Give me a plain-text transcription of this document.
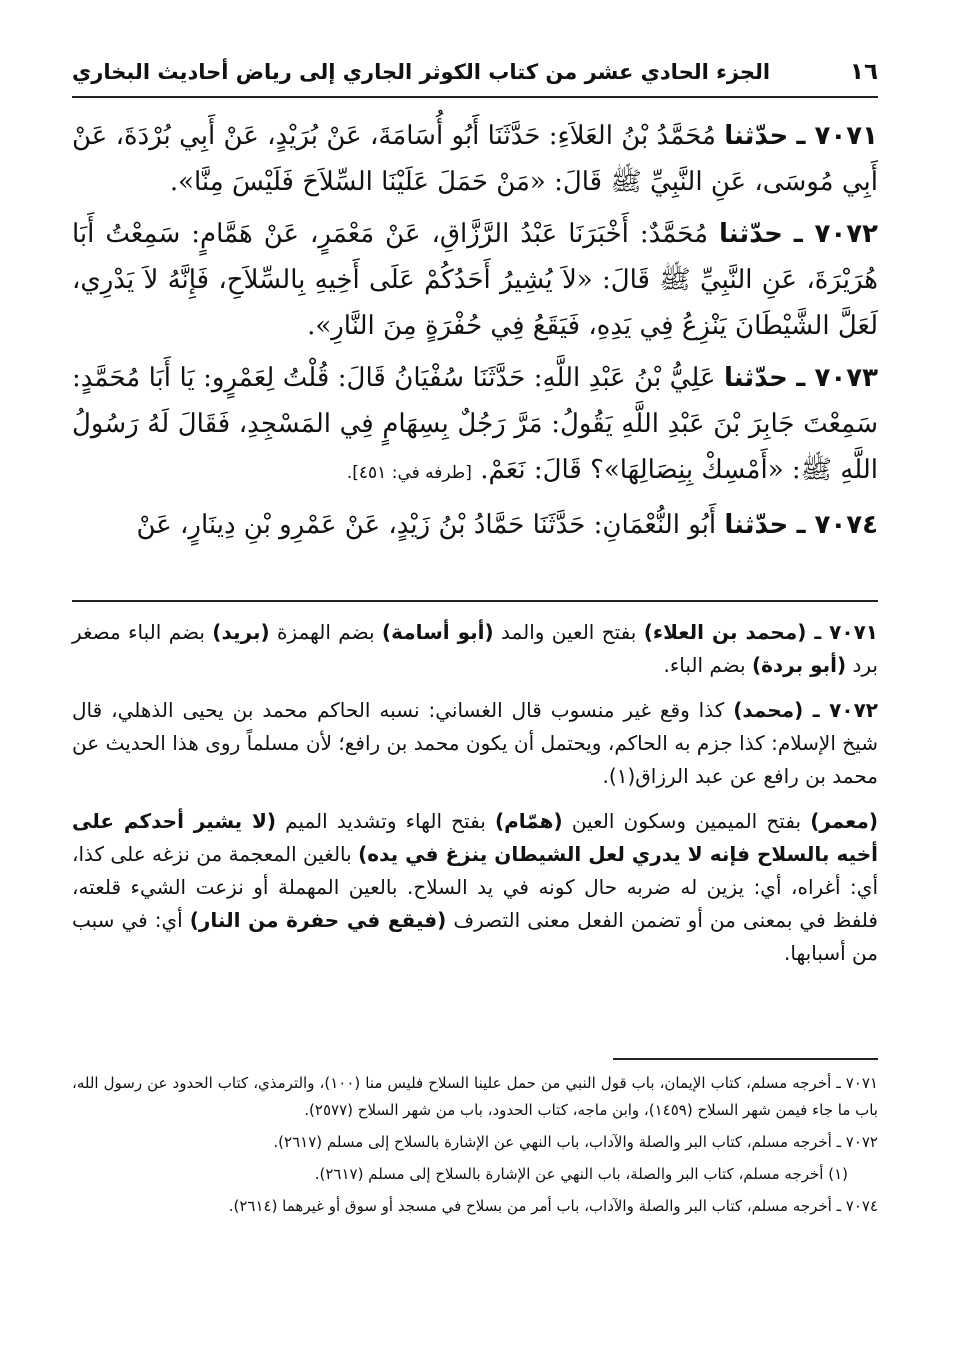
١٦
الجزء الحادي عشر من كتاب الكوثر الجاري إلى رياض أحاديث البخاري

٧٠٧١ ـ حدّثنا مُحَمَّدُ بْنُ العَلاَءِ: حَدَّثَنَا أَبُو أُسَامَةَ، عَنْ بُرَيْدٍ، عَنْ أَبِي بُرْدَةَ، عَنْ أَبِي مُوسَى، عَنِ النَّبِيِّ ﷺ قَالَ: «مَنْ حَمَلَ عَلَيْنَا السِّلاَحَ فَلَيْسَ مِنَّا».

٧٠٧٢ ـ حدّثنا مُحَمَّدٌ: أَخْبَرَنَا عَبْدُ الرَّزَّاقِ، عَنْ مَعْمَرٍ، عَنْ هَمَّامٍ: سَمِعْتُ أَبَا هُرَيْرَةَ، عَنِ النَّبِيِّ ﷺ قَالَ: «لاَ يُشِيرُ أَحَدُكُمْ عَلَى أَخِيهِ بِالسِّلاَحِ، فَإِنَّهُ لاَ يَدْرِي، لَعَلَّ الشَّيْطَانَ يَنْزِعُ فِي يَدِهِ، فَيَقَعُ فِي حُفْرَةٍ مِنَ النَّارِ».

٧٠٧٣ ـ حدّثنا عَلِيُّ بْنُ عَبْدِ اللَّهِ: حَدَّثَنَا سُفْيَانُ قَالَ: قُلْتُ لِعَمْرٍو: يَا أَبَا مُحَمَّدٍ: سَمِعْتَ جَابِرَ بْنَ عَبْدِ اللَّهِ يَقُولُ: مَرَّ رَجُلٌ بِسِهَامٍ فِي المَسْجِدِ، فَقَالَ لَهُ رَسُولُ اللَّهِ ﷺ: «أَمْسِكْ بِنِصَالِهَا»؟ قَالَ: نَعَمْ. [طرفه في: ٤٥١].

٧٠٧٤ ـ حدّثنا أَبُو النُّعْمَانِ: حَدَّثَنَا حَمَّادُ بْنُ زَيْدٍ، عَنْ عَمْرِو بْنِ دِينَارٍ، عَنْ

٧٠٧١ ـ (محمد بن العلاء) بفتح العين والمد (أبو أسامة) بضم الهمزة (بريد) بضم الباء مصغر برد (أبو بردة) بضم الباء.

٧٠٧٢ ـ (محمد) كذا وقع غير منسوب قال الغساني: نسبه الحاكم محمد بن يحيى الذهلي، قال شيخ الإسلام: كذا جزم به الحاكم، ويحتمل أن يكون محمد بن رافع؛ لأن مسلماً روى هذا الحديث عن محمد بن رافع عن عبد الرزاق(١).

(معمر) بفتح الميمين وسكون العين (همّام) بفتح الهاء وتشديد الميم (لا يشير أحدكم على أخيه بالسلاح فإنه لا يدري لعل الشيطان ينزغ في يده) بالغين المعجمة من نزغه على كذا، أي: أغراه، أي: يزين له ضربه حال كونه في يد السلاح. بالعين المهملة أو نزعت الشيء قلعته، فلفظ في بمعنى من أو تضمن الفعل معنى التصرف (فيقع في حفرة من النار) أي: في سبب من أسبابها.

٧٠٧١ ـ أخرجه مسلم، كتاب الإيمان، باب قول النبي من حمل علينا السلاح فليس منا (١٠٠)، والترمذي، كتاب الحدود عن رسول الله، باب ما جاء فيمن شهر السلاح (١٤٥٩)، وابن ماجه، كتاب الحدود، باب من شهر السلاح (٢٥٧٧).

٧٠٧٢ ـ أخرجه مسلم، كتاب البر والصلة والآداب، باب النهي عن الإشارة بالسلاح إلى مسلم (٢٦١٧).

(١) أخرجه مسلم، كتاب البر والصلة، باب النهي عن الإشارة بالسلاح إلى مسلم (٢٦١٧).

٧٠٧٤ ـ أخرجه مسلم، كتاب البر والصلة والآداب، باب أمر من بسلاح في مسجد أو سوق أو غيرهما (٢٦١٤).
